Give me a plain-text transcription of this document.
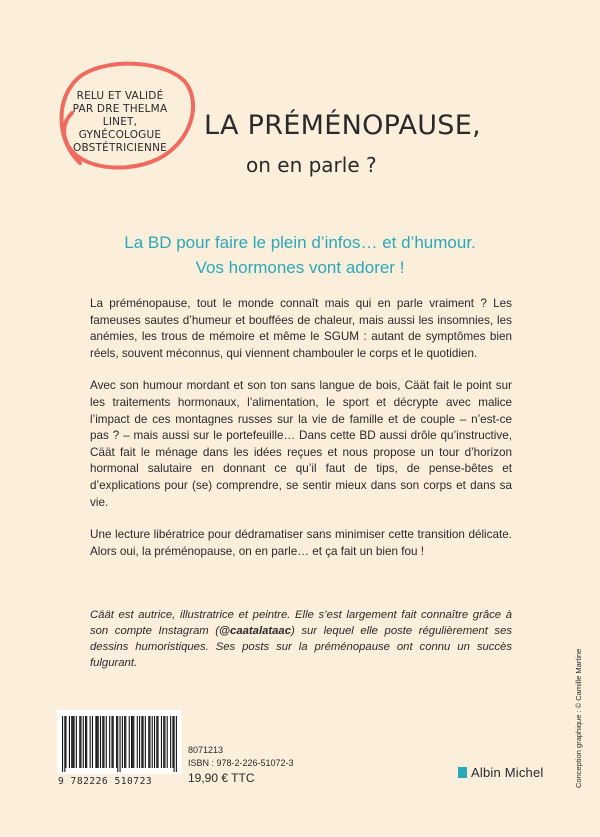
RELU ET VALIDÉ
PAR DRE THELMA LINET,
GYNÉCOLOGUE
OBSTÉTRICIENNE
LA PRÉMÉNOPAUSE,
on en parle ?
La BD pour faire le plein d’infos… et d’humour.
Vos hormones vont adorer !

La préménopause, tout le monde connaît mais qui en parle vraiment ? Les fameuses sautes d’humeur et bouffées de chaleur, mais aussi les insomnies, les anémies, les trous de mémoire et même le SGUM : autant de symptômes bien réels, souvent méconnus, qui viennent chambouler le corps et le quotidien.

Avec son humour mordant et son ton sans langue de bois, Cäät fait le point sur les traitements hormonaux, l’alimentation, le sport et décrypte avec malice l’impact de ces montagnes russes sur la vie de famille et de couple – n’est-ce pas ? – mais aussi sur le portefeuille… Dans cette BD aussi drôle qu’instructive, Cäät fait le ménage dans les idées reçues et nous propose un tour d’horizon hormonal salutaire en donnant ce qu’il faut de tips, de pense-bêtes et d’explications pour (se) comprendre, se sentir mieux dans son corps et dans sa vie.

Une lecture libératrice pour dédramatiser sans minimiser cette transition délicate. Alors oui, la préménopause, on en parle… et ça fait un bien fou !

Cäät est autrice, illustratrice et peintre. Elle s’est largement fait connaître grâce à son compte Instagram (@caatalataac) sur lequel elle poste régulièrement ses dessins humoristiques. Ses posts sur la préménopause ont connu un succès fulgurant.

9 782226 510723
8071213
ISBN : 978-2-226-51072-3
19,90 € TTC	Albin Michel	Conception graphique : © Camille Martine
